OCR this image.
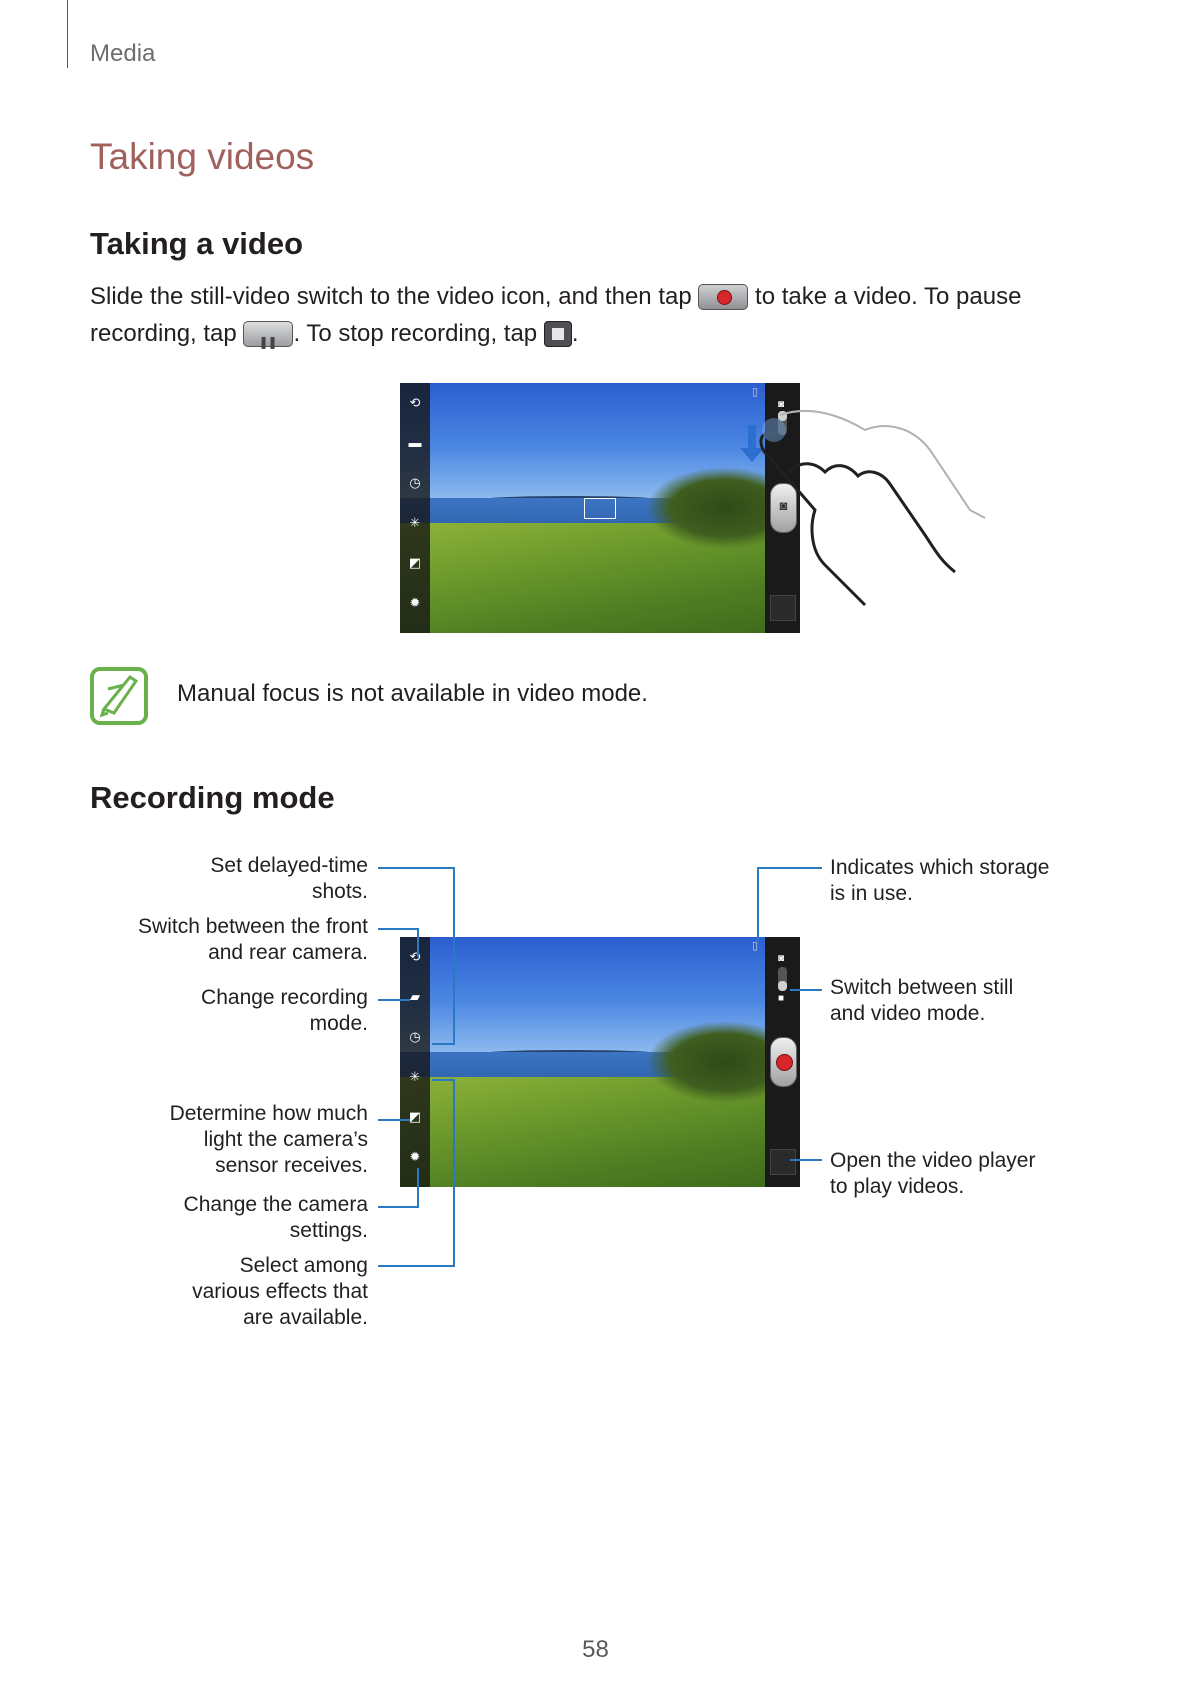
Media
Taking videos
Taking a video

Slide the still-video switch to the video icon, and then tap	to take a video. To pause recording, tap ❚❚ . To stop recording, tap .

⟲
▬
◷
✳
◩
✹
▯
◙
◙
Manual focus is not available in video mode.
Recording mode
⟲
▰
◷
✳
◩
✹
▯
◙
■
Set delayed-time shots.
Switch between the front and rear camera.
Change recording mode.
Determine how much light the camera’s sensor receives.
Change the camera settings.
Select among various effects that are available.
Indicates which storage is in use.
Switch between still and video mode.
Open the video player to play videos.
58
